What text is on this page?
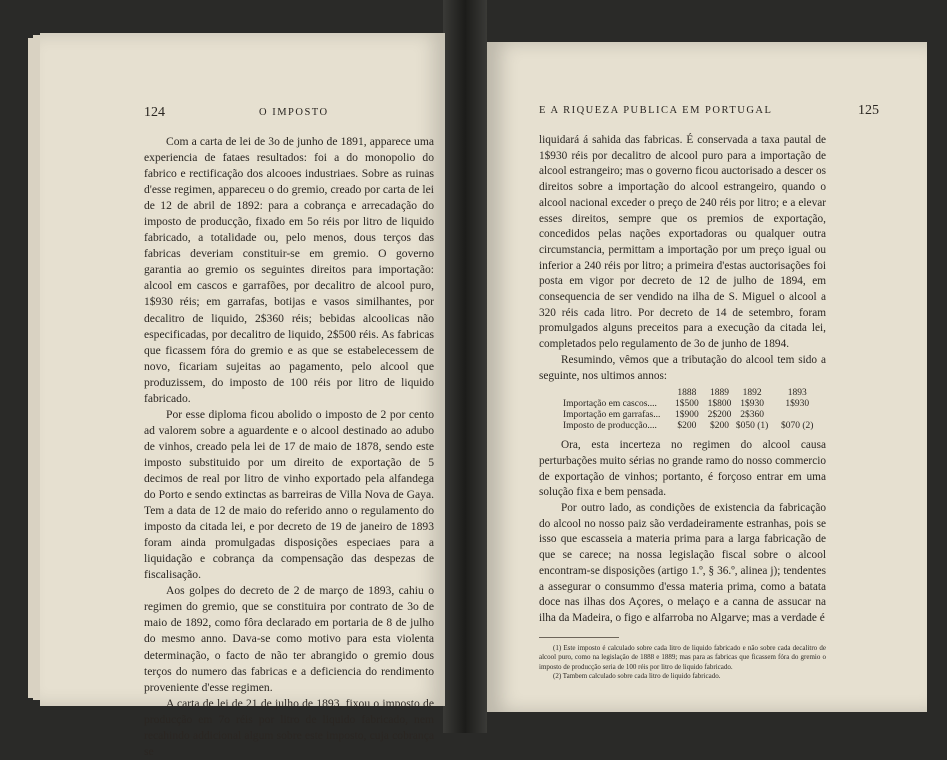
124	O IMPOSTO	E A RIQUEZA PUBLICA EM PORTUGAL	125

Com a carta de lei de 3o de junho de 1891, apparece uma experiencia de fataes resultados: foi a do monopolio do fabrico e rectificação dos alcooes industriaes. Sobre as ruinas d'esse regimen, appareceu o do gremio, creado por carta de lei de 12 de abril de 1892: para a cobrança e arrecadação do imposto de producção, fixado em 5o réis por litro de liquido fabricado, a totalidade ou, pelo menos, dous terços das fabricas deveriam constituir-se em gremio. O governo garantia ao gremio os seguintes direitos para importação: alcool em cascos e garrafões, por decalitro de alcool puro, 1$930 réis; em garrafas, botijas e vasos similhantes, por decalitro de liquido, 2$360 réis; bebidas alcoolicas não especificadas, por decalitro de liquido, 2$500 réis. As fabricas que ficassem fóra do gremio e as que se estabelecessem de novo, ficariam sujeitas ao pagamento, pelo alcool que produzissem, do imposto de 100 réis por litro de liquido fabricado.

Por esse diploma ficou abolido o imposto de 2 por cento ad valorem sobre a aguardente e o alcool destinado ao adubo de vinhos, creado pela lei de 17 de maio de 1878, sendo este imposto substituido por um direito de exportação de 5 decimos de real por litro de vinho exportado pela alfandega do Porto e sendo extinctas as barreiras de Villa Nova de Gaya. Tem a data de 12 de maio do referido anno o regulamento do imposto da citada lei, e por decreto de 19 de janeiro de 1893 foram ainda promulgadas disposições especiaes para a liquidação e cobrança da compensação das despezas de fiscalisação.

Aos golpes do decreto de 2 de março de 1893, cahiu o regimen do gremio, que se constituira por contrato de 3o de maio de 1892, como fôra declarado em portaria de 8 de julho do mesmo anno. Dava-se como motivo para esta violenta determinação, o facto de não ter abrangido o gremio dous terços do numero das fabricas e a deficiencia do rendimento proveniente d'esse regimen.

A carta de lei de 21 de julho de 1893, fixou o imposto de producção em 7o réis por litro de liquido fabricado, nem recahindo addicional algum sobre este imposto, cuja cobrança se

liquidará á sahida das fabricas. É conservada a taxa pautal de 1$930 réis por decalitro de alcool puro para a importação de alcool estrangeiro; mas o governo ficou auctorisado a descer os direitos sobre a importação do alcool estrangeiro, quando o alcool nacional exceder o preço de 240 réis por litro; e a elevar esses direitos, sempre que os premios de exportação, concedidos pelas nações exportadoras ou qualquer outra circumstancia, permittam a importação por um preço igual ou inferior a 240 réis por litro; a primeira d'estas auctorisações foi posta em vigor por decreto de 12 de julho de 1894, em consequencia de ser vendido na ilha de S. Miguel o alcool a 320 réis cada litro. Por decreto de 14 de setembro, foram promulgados alguns preceitos para a execução da citada lei, completados pelo regulamento de 3o de junho de 1894.

Resumindo, vêmos que a tributação do alcool tem sido a seguinte, nos ultimos annos:

1888	1889	1892	1893
Importação em cascos....	1$500 1$800 1$930	1$930
Importação em garrafas...	1$900 2$200 2$360
Imposto de producção....	$200	$200 $050 (1)	$070 (2)

Ora, esta incerteza no regimen do alcool causa perturbações muito sérias no grande ramo do nosso commercio de exportação de vinhos; portanto, é forçoso entrar em uma solução fixa e bem pensada.

Por outro lado, as condições de existencia da fabricação do alcool no nosso paiz são verdadeiramente estranhas, pois se isso que escasseia a materia prima para a larga fabricação de que se carece; na nossa legislação fiscal sobre o alcool encontram-se disposições (artigo 1.º, § 36.º, alinea j); tendentes a assegurar o consummo d'essa materia prima, como a batata doce nas ilhas dos Açores, o melaço e a canna de assucar na ilha da Madeira, o figo e alfarroba no Algarve; mas a verdade é

(1) Este imposto é calculado sobre cada litro de liquido fabricado e não sobre cada decalitro de alcool puro, como na legislação de 1888 e 1889; mas para as fabricas que ficassem fóra do gremio o imposto de producção seria de 100 réis por litro de liquido fabricado.

(2) Tambem calculado sobre cada litro de liquido fabricado.
